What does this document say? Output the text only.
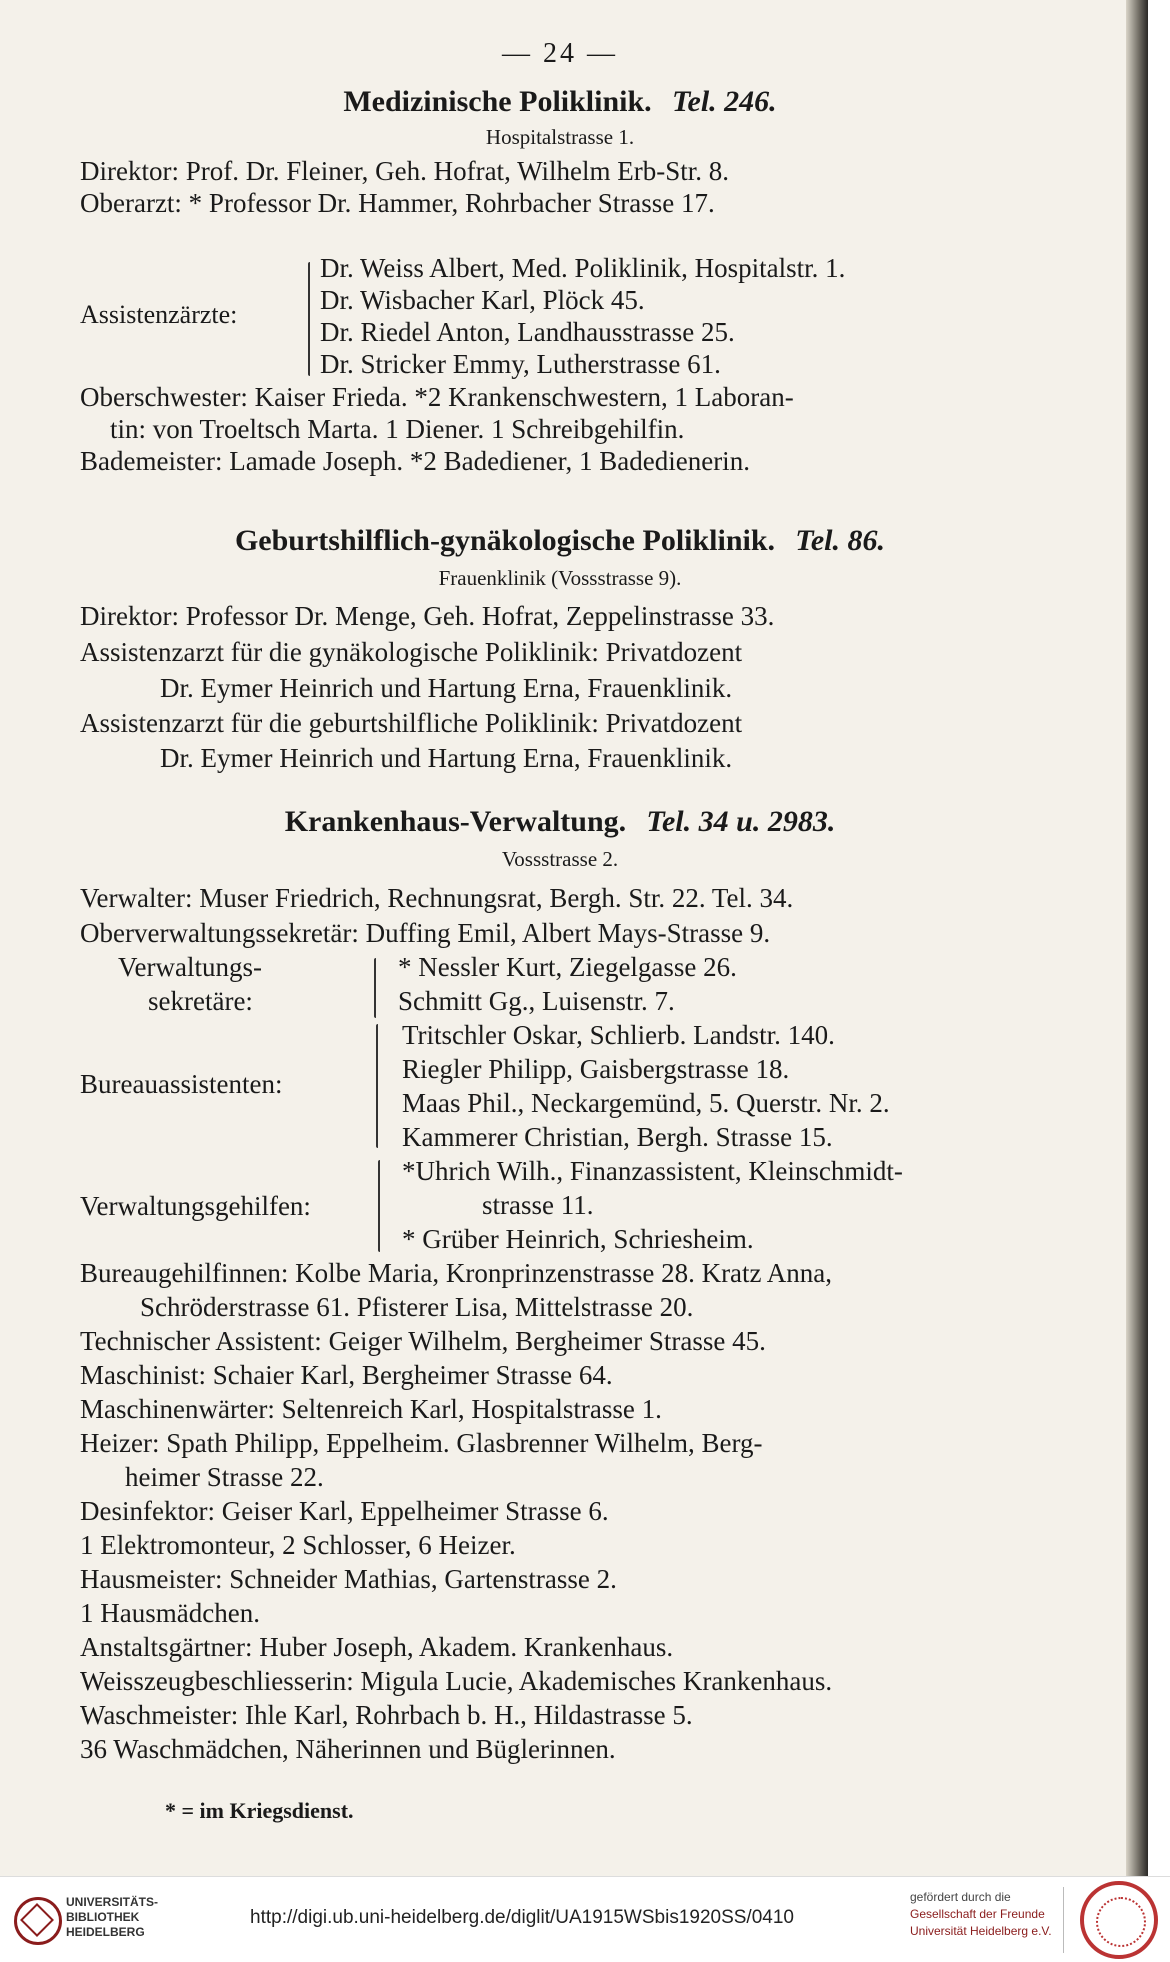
— 24 —
Medizinische Poliklinik. Tel. 246.
Hospitalstrasse 1.
Direktor: Prof. Dr. Fleiner, Geh. Hofrat, Wilhelm Erb-Str. 8.
Oberarzt: * Professor Dr. Hammer, Rohrbacher Strasse 17.
Assistenzärzte:
Dr. Weiss Albert, Med. Poliklinik, Hospitalstr. 1.
Dr. Wisbacher Karl, Plöck 45.
Dr. Riedel Anton, Landhausstrasse 25.
Dr. Stricker Emmy, Lutherstrasse 61.
Oberschwester: Kaiser Frieda. *2 Krankenschwestern, 1 Laboran-
tin: von Troeltsch Marta. 1 Diener. 1 Schreibgehilfin.
Bademeister: Lamade Joseph. *2 Badediener, 1 Badedienerin.
Geburtshilflich-gynäkologische Poliklinik. Tel. 86.
Frauenklinik (Vossstrasse 9).
Direktor: Professor Dr. Menge, Geh. Hofrat, Zeppelinstrasse 33.
Assistenzarzt für die gynäkologische Poliklinik: Privatdozent
Dr. Eymer Heinrich und Hartung Erna, Frauenklinik.
Assistenzarzt für die geburtshilfliche Poliklinik: Privatdozent
Dr. Eymer Heinrich und Hartung Erna, Frauenklinik.
Krankenhaus-Verwaltung. Tel. 34 u. 2983.
Vossstrasse 2.
Verwalter: Muser Friedrich, Rechnungsrat, Bergh. Str. 22. Tel. 34.
Oberverwaltungssekretär: Duffing Emil, Albert Mays-Strasse 9.
Verwaltungs-
sekretäre:
* Nessler Kurt, Ziegelgasse 26.
Schmitt Gg., Luisenstr. 7.
Bureauassistenten:
Tritschler Oskar, Schlierb. Landstr. 140.
Riegler Philipp, Gaisbergstrasse 18.
Maas Phil., Neckargemünd, 5. Querstr. Nr. 2.
Kammerer Christian, Bergh. Strasse 15.
Verwaltungsgehilfen:
*Uhrich Wilh., Finanzassistent, Kleinschmidt-
strasse 11.
* Grüber Heinrich, Schriesheim.
Bureaugehilfinnen: Kolbe Maria, Kronprinzenstrasse 28. Kratz Anna,
Schröderstrasse 61. Pfisterer Lisa, Mittelstrasse 20.
Technischer Assistent: Geiger Wilhelm, Bergheimer Strasse 45.
Maschinist: Schaier Karl, Bergheimer Strasse 64.
Maschinenwärter: Seltenreich Karl, Hospitalstrasse 1.
Heizer: Spath Philipp, Eppelheim. Glasbrenner Wilhelm, Berg-
heimer Strasse 22.
Desinfektor: Geiser Karl, Eppelheimer Strasse 6.
1 Elektromonteur, 2 Schlosser, 6 Heizer.
Hausmeister: Schneider Mathias, Gartenstrasse 2.
1 Hausmädchen.
Anstaltsgärtner: Huber Joseph, Akadem. Krankenhaus.
Weisszeugbeschliesserin: Migula Lucie, Akademisches Krankenhaus.
Waschmeister: Ihle Karl, Rohrbach b. H., Hildastrasse 5.
36 Waschmädchen, Näherinnen und Büglerinnen.
* = im Kriegsdienst.
UNIVERSITÄTS-
BIBLIOTHEK
HEIDELBERG
http://digi.ub.uni-heidelberg.de/diglit/UA1915WSbis1920SS/0410
gefördert durch die
Gesellschaft der Freunde
Universität Heidelberg e.V.
